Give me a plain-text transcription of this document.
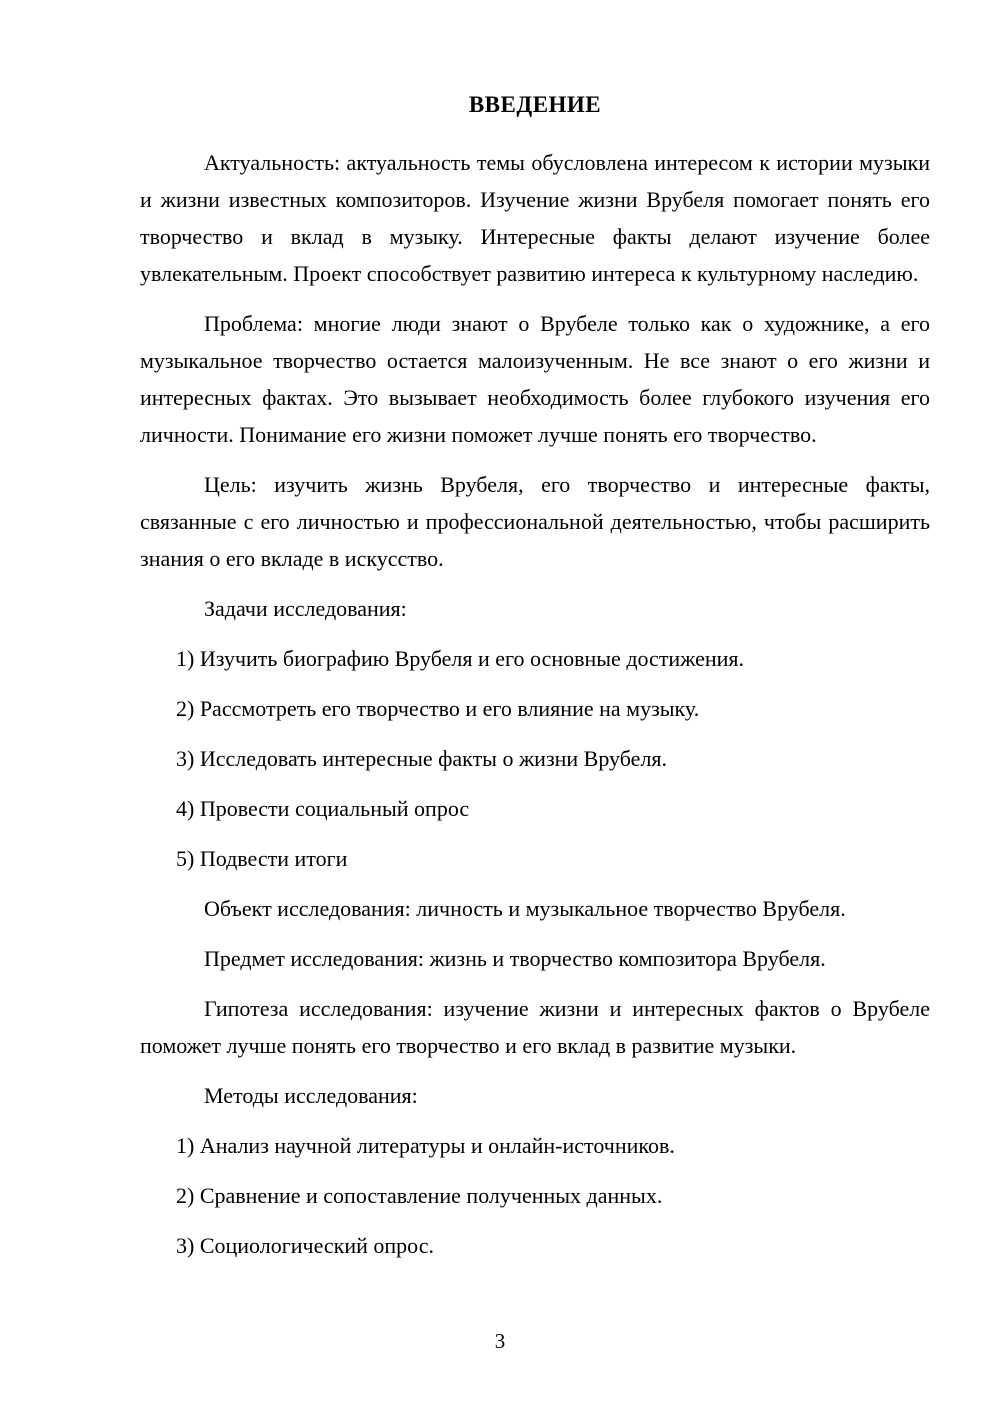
ВВЕДЕНИЕ

Актуальность: актуальность темы обусловлена интересом к истории музыки и жизни известных композиторов. Изучение жизни Врубеля помогает понять его творчество и вклад в музыку. Интересные факты делают изучение более увлекательным. Проект способствует развитию интереса к культурному наследию.

Проблема: многие люди знают о Врубеле только как о художнике, а его музыкальное творчество остается малоизученным. Не все знают о его жизни и интересных фактах. Это вызывает необходимость более глубокого изучения его личности. Понимание его жизни поможет лучше понять его творчество.

Цель: изучить жизнь Врубеля, его творчество и интересные факты, связанные с его личностью и профессиональной деятельностью, чтобы расширить знания о его вкладе в искусство.

Задачи исследования:

1) Изучить биографию Врубеля и его основные достижения.

2) Рассмотреть его творчество и его влияние на музыку.

3) Исследовать интересные факты о жизни Врубеля.

4) Провести социальный опрос

5) Подвести итоги

Объект исследования: личность и музыкальное творчество Врубеля.

Предмет исследования: жизнь и творчество композитора Врубеля.

Гипотеза исследования: изучение жизни и интересных фактов о Врубеле поможет лучше понять его творчество и его вклад в развитие музыки.

Методы исследования:

1) Анализ научной литературы и онлайн-источников.

2) Сравнение и сопоставление полученных данных.

3) Социологический опрос.

3
